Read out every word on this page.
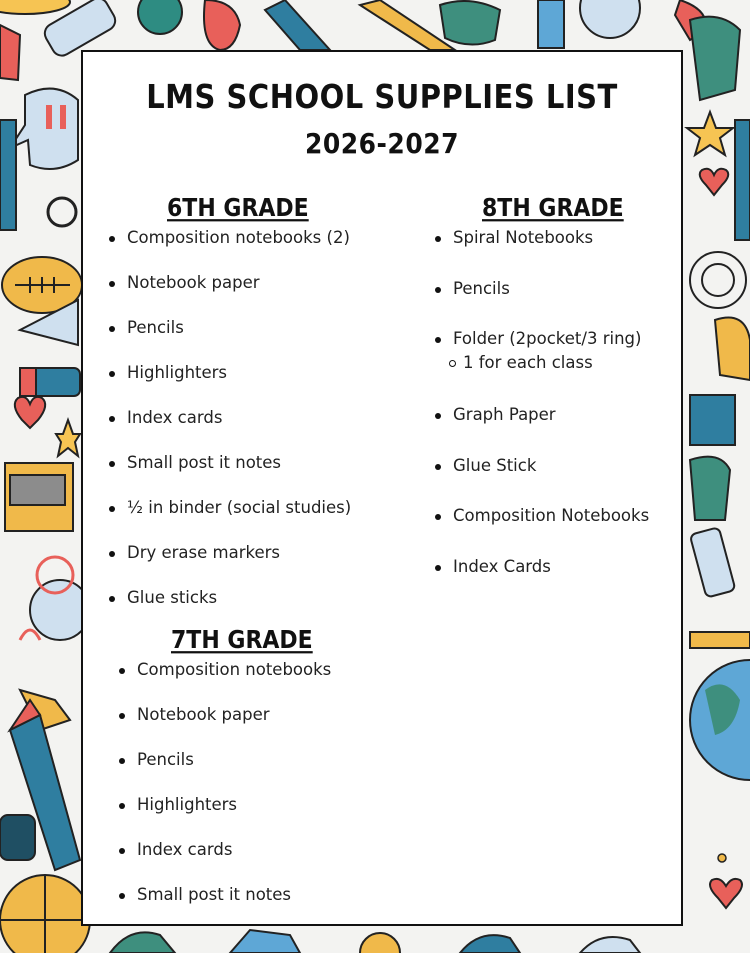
LMS SCHOOL SUPPLIES LIST
2026-2027
6TH GRADE
Composition notebooks (2)
Notebook paper
Pencils
Highlighters
Index cards
Small post it notes
½ in binder (social studies)
Dry erase markers
Glue sticks
7TH GRADE
Composition notebooks
Notebook paper
Pencils
Highlighters
Index cards
Small post it notes
8TH GRADE
Spiral Notebooks
Pencils
Folder (2pocket/3 ring)
1 for each class
Graph Paper
Glue Stick
Composition Notebooks
Index Cards
